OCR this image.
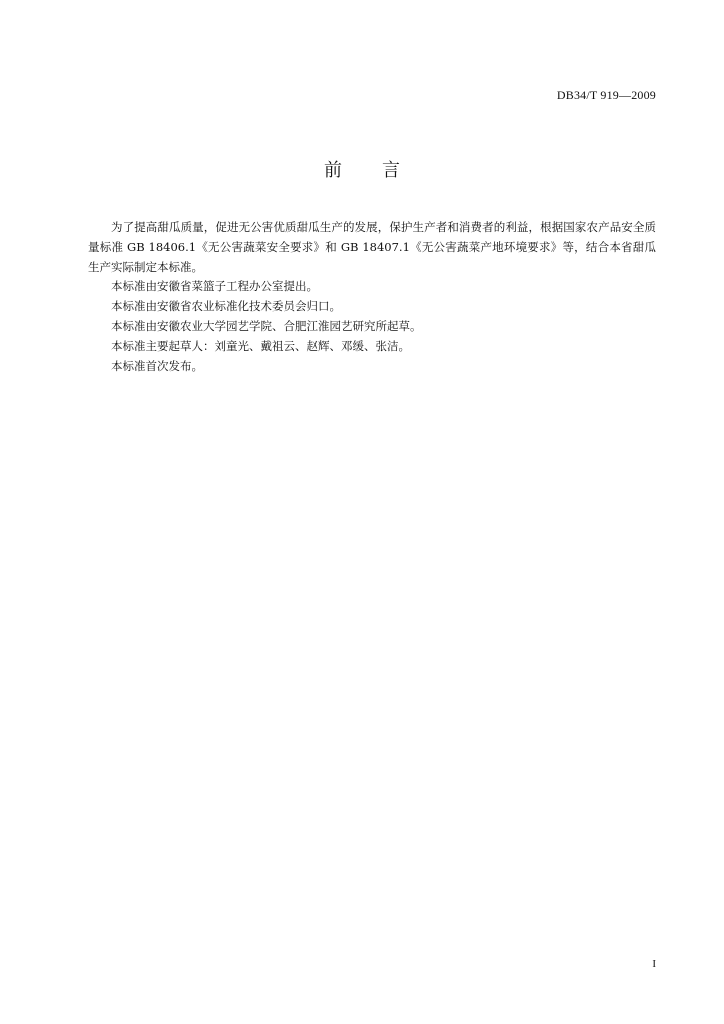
DB34/T 919—2009
前 言

为了提高甜瓜质量，促进无公害优质甜瓜生产的发展，保护生产者和消费者的利益，根据国家农产品安全质量标准 GB 18406.1《无公害蔬菜安全要求》和 GB 18407.1《无公害蔬菜产地环境要求》等，结合本省甜瓜生产实际制定本标准。

本标准由安徽省菜篮子工程办公室提出。

本标准由安徽省农业标准化技术委员会归口。

本标准由安徽农业大学园艺学院、合肥江淮园艺研究所起草。

本标准主要起草人：刘童光、戴祖云、赵辉、邓缓、张洁。

本标准首次发布。

I
